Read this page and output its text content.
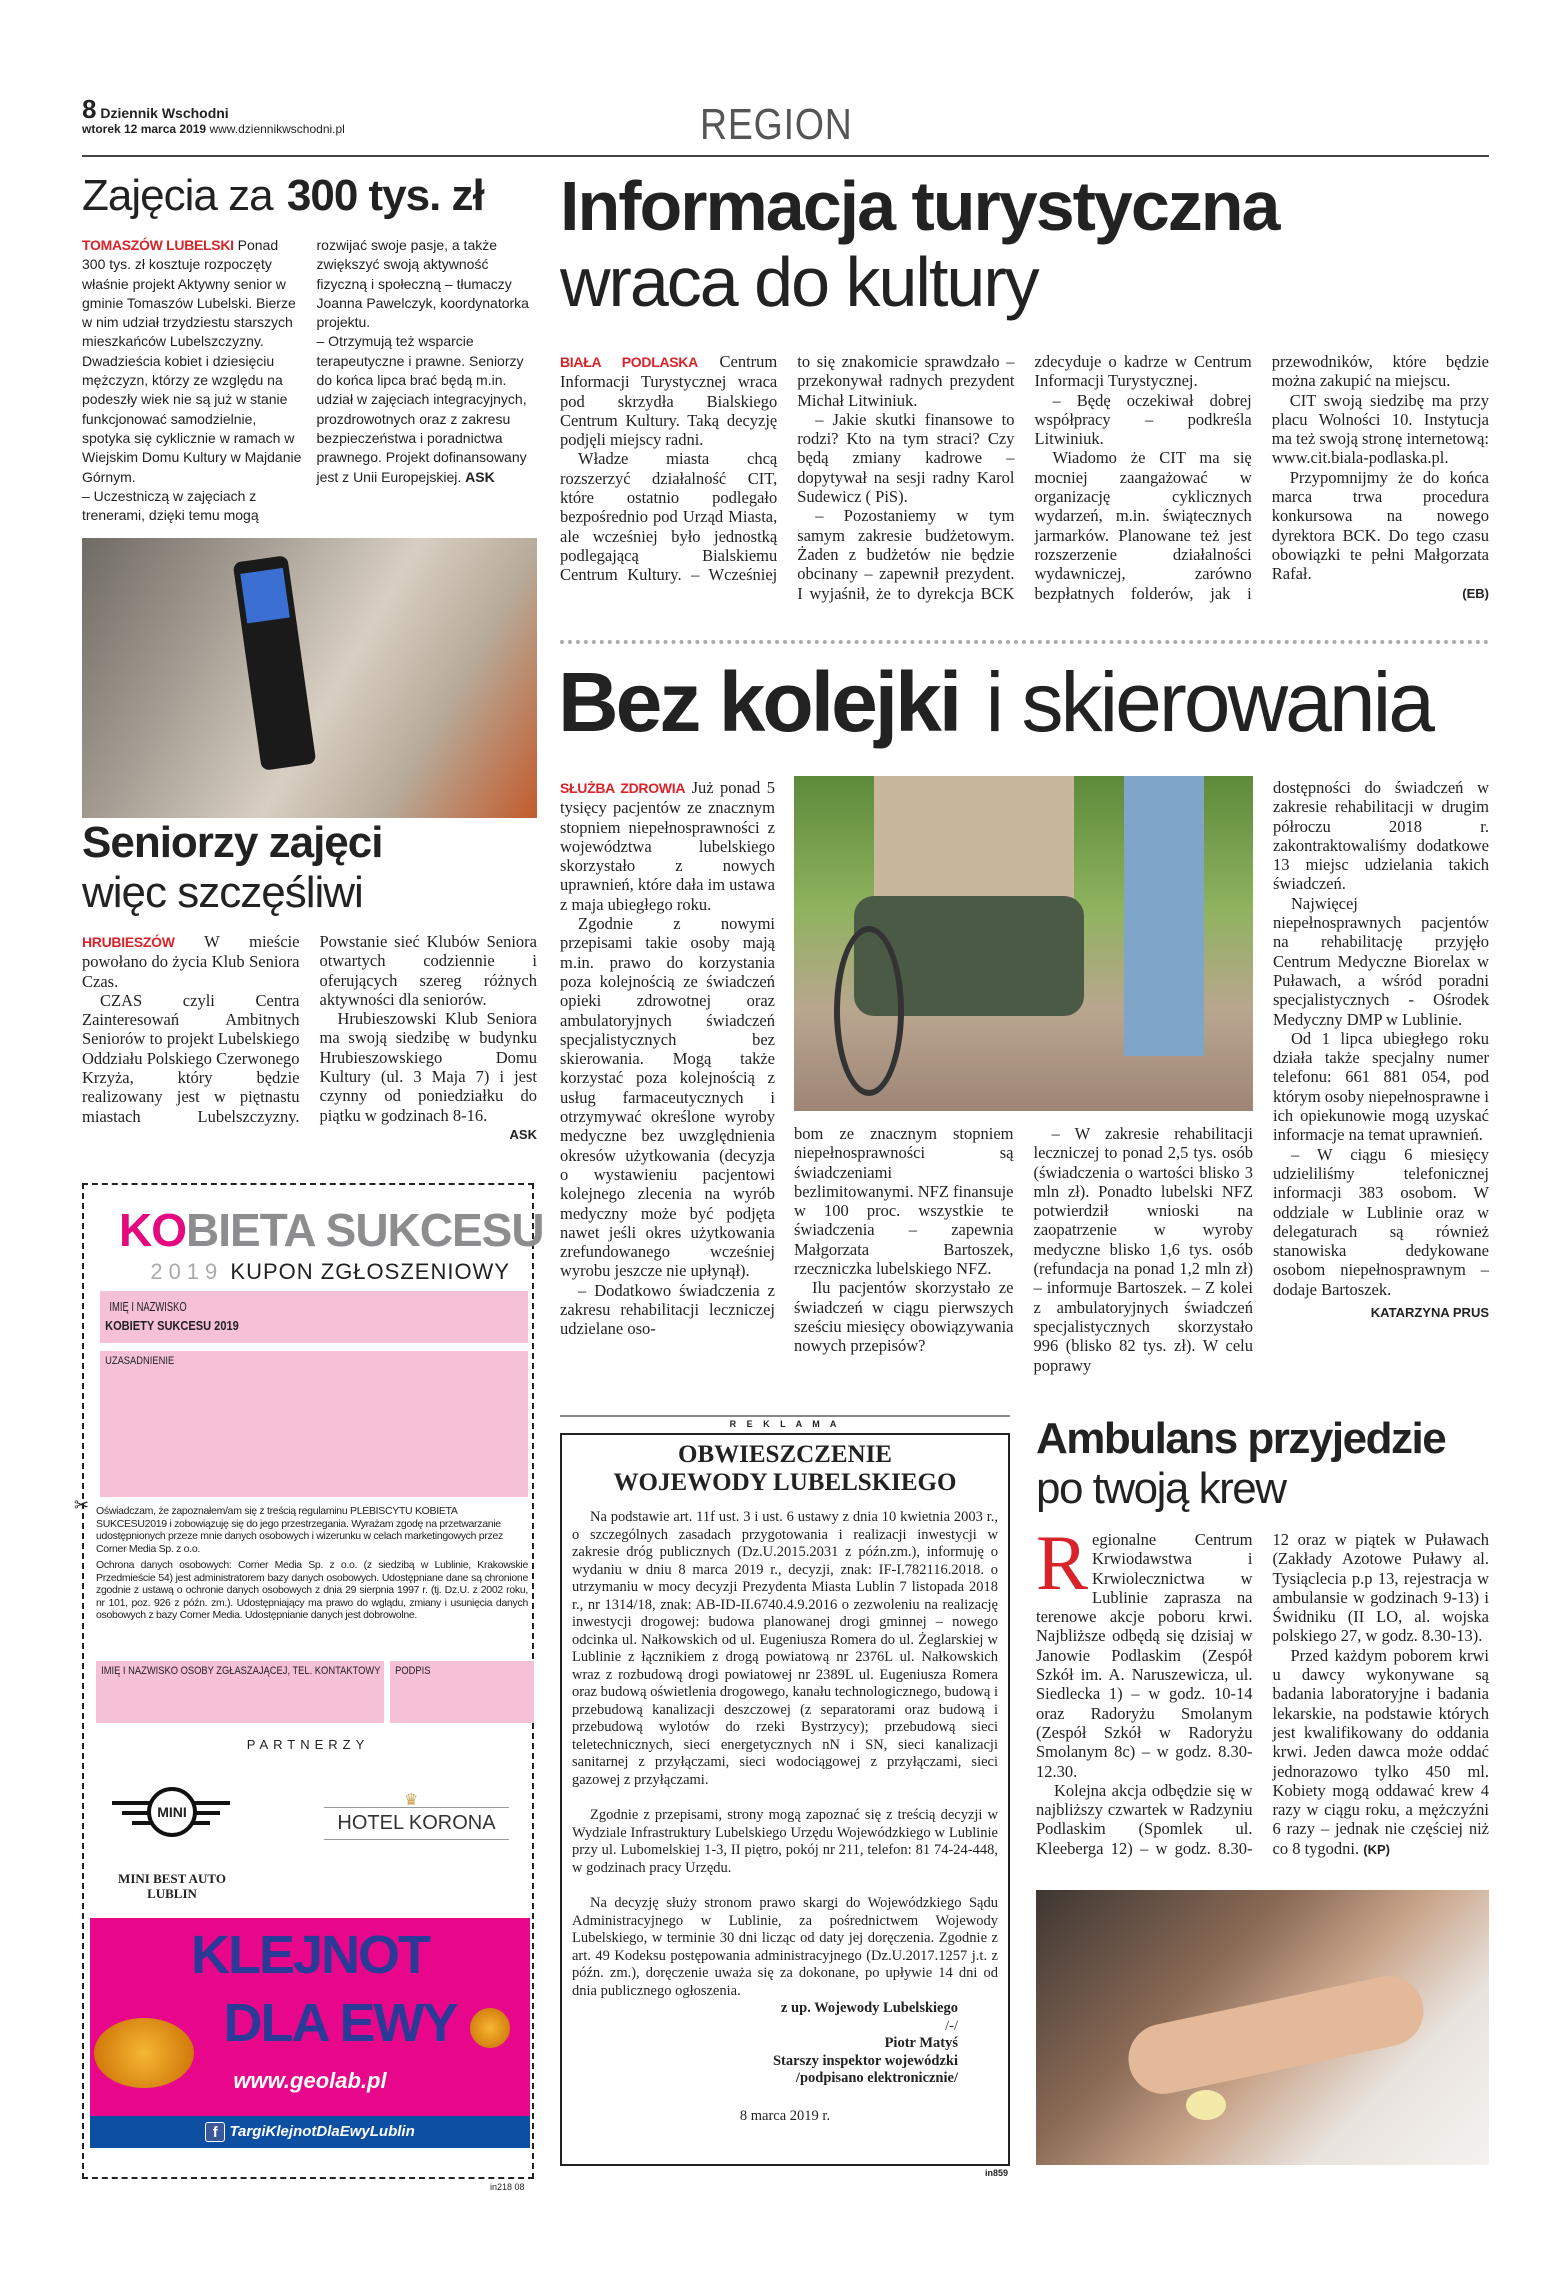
8 Dziennik Wschodni
wtorek 12 marca 2019 www.dziennikwschodni.pl	REGION
Zajęcia za 300 tys. zł

TOMASZÓW LUBELSKI Ponad 300 tys. zł kosztuje rozpoczęty właśnie projekt Aktywny senior w gminie Tomaszów Lubelski. Bierze w nim udział trzydziestu starszych mieszkańców Lubelszczyzny.

Dwadzieścia kobiet i dziesięciu mężczyzn, którzy ze względu na podeszły wiek nie są już w stanie funkcjonować samodzielnie, spotyka się cyklicznie w ramach w Wiejskim Domu Kultury w Majdanie Górnym.

– Uczestniczą w zajęciach z trenerami, dzięki temu mogą rozwijać swoje pasje, a także zwiększyć swoją aktywność fizyczną i społeczną – tłumaczy Joanna Pawelczyk, koordynatorka projektu.

– Otrzymują też wsparcie terapeutyczne i prawne. Seniorzy do końca lipca brać będą m.in. udział w zajęciach integracyjnych, prozdrowotnych oraz z zakresu bezpieczeństwa i poradnictwa prawnego. Projekt dofinansowany jest z Unii Europejskiej. ASK

Seniorzy zajęci
więc szczęśliwi

HRUBIESZÓW W mieście powołano do życia Klub Seniora Czas.

CZAS czyli Centra Zainteresowań Ambitnych Seniorów to projekt Lubelskiego Oddziału Polskiego Czerwonego Krzyża, który będzie realizowany jest w piętnastu miastach Lubelszczyzny. Powstanie sieć Klubów Seniora otwartych codziennie i oferujących szereg różnych aktywności dla seniorów.

Hrubieszowski Klub Seniora ma swoją siedzibę w budynku Hrubieszowskiego Domu Kultury (ul. 3 Maja 7) i jest czynny od poniedziałku do piątku w godzinach 8-16.

ASK
KOBIETA SUKCESU
2019 KUPON ZGŁOSZENIOWY
IMIĘ I NAZWISKO
KOBIETY SUKCESU 2019
UZASADNIENIE
✂ Oświadczam, że zapoznałem/am się z treścią regulaminu PLEBISCYTU KOBIETA SUKCESU2019 i zobowiązuję się do jego przestrzegania. Wyrażam zgodę na przetwarzanie udostępnionych przeze mnie danych osobowych i wizerunku w celach marketingowych przez Corner Media Sp. z o.o.

Ochrona danych osobowych: Corner Media Sp. z o.o. (z siedzibą w Lublinie, Krakowskie Przedmieście 54) jest administratorem bazy danych osobowych. Udostępniane dane są chronione zgodnie z ustawą o ochronie danych osobowych z dnia 29 sierpnia 1997 r. (tj. Dz.U. z 2002 roku, nr 101, poz. 926 z późn. zm.). Udostępniający ma prawo do wglądu, zmiany i usunięcia danych osobowych z bazy Corner Media. Udostępnianie danych jest dobrowolne.

IMIĘ I NAZWISKO OSOBY ZGŁASZAJĄCEJ, TEL. KONTAKTOWY	PODPIS
PARTNERZY
MINI
MINI BEST AUTO LUBLIN
♛
HOTEL KORONA
KLEJNOT
DLA EWY
www.geolab.pl
f TargiKlejnotDlaEwyLublin
in218 08
Informacja turystyczna
wraca do kultury

BIAŁA PODLASKA Centrum Informacji Turystycznej wraca pod skrzydła Bialskiego Centrum Kultury. Taką decyzję podjęli miejscy radni.

Władze miasta chcą rozszerzyć działalność CIT, które ostatnio podlegało bezpośrednio pod Urząd Miasta, ale wcześniej było jednostką podlegającą Bialskiemu Centrum Kultury. – Wcześniej to się znakomicie sprawdzało – przekonywał radnych prezydent Michał Litwiniuk.

– Jakie skutki finansowe to rodzi? Kto na tym straci? Czy będą zmiany kadrowe – dopytywał na sesji radny Karol Sudewicz ( PiS).

– Pozostaniemy w tym samym zakresie budżetowym. Żaden z budżetów nie będzie obcinany – zapewnił prezydent. I wyjaśnił, że to dyrekcja BCK zdecyduje o kadrze w Centrum Informacji Turystycznej.

– Będę oczekiwał dobrej współpracy – podkreśla Litwiniuk.

Wiadomo że CIT ma się mocniej zaangażować w organizację cyklicznych wydarzeń, m.in. świątecznych jarmarków. Planowane też jest rozszerzenie działalności wydawniczej, zarówno bezpłatnych folderów, jak i przewodników, które będzie można zakupić na miejscu.

CIT swoją siedzibę ma przy placu Wolności 10. Instytucja ma też swoją stronę internetową: www.cit.biala-podlaska.pl.

Przypomnijmy że do końca marca trwa procedura konkursowa na nowego dyrektora BCK. Do tego czasu obowiązki te pełni Małgorzata Rafał.

(EB)
Bez kolejki i skierowania

SŁUŻBA ZDROWIA Już ponad 5 tysięcy pacjentów ze znacznym stopniem niepełnosprawności z województwa lubelskiego skorzystało z nowych uprawnień, które dała im ustawa z maja ubiegłego roku.

Zgodnie z nowymi przepisami takie osoby mają m.in. prawo do korzystania poza kolejnością ze świadczeń opieki zdrowotnej oraz ambulatoryjnych świadczeń specjalistycznych bez skierowania. Mogą także korzystać poza kolejnością z usług farmaceutycznych i otrzymywać określone wyroby medyczne bez uwzględnienia okresów użytkowania (decyzja o wystawieniu pacjentowi kolejnego zlecenia na wyrób medyczny może być podjęta nawet jeśli okres użytkowania zrefundowanego wcześniej wyrobu jeszcze nie upłynął).

– Dodatkowo świadczenia z zakresu rehabilitacji leczniczej udzielane oso-

bom ze znacznym stopniem niepełnosprawności są świadczeniami bezlimitowanymi. NFZ finansuje w 100 proc. wszystkie te świadczenia – zapewnia Małgorzata Bartoszek, rzeczniczka lubelskiego NFZ.

Ilu pacjentów skorzystało ze świadczeń w ciągu pierwszych sześciu miesięcy obowiązywania nowych przepisów?

– W zakresie rehabilitacji leczniczej to ponad 2,5 tys. osób (świadczenia o wartości blisko 3 mln zł). Ponadto lubelski NFZ potwierdził wnioski na zaopatrzenie w wyroby medyczne blisko 1,6 tys. osób (refundacja na ponad 1,2 mln zł) – informuje Bartoszek. – Z kolei z ambulatoryjnych świadczeń specjalistycznych skorzystało 996 (blisko 82 tys. zł). W celu poprawy

dostępności do świadczeń w zakresie rehabilitacji w drugim półroczu 2018 r. zakontraktowaliśmy dodatkowe 13 miejsc udzielania takich świadczeń.

Najwięcej niepełnosprawnych pacjentów na rehabilitację przyjęło Centrum Medyczne Biorelax w Puławach, a wśród poradni specjalistycznych - Ośrodek Medyczny DMP w Lublinie.

Od 1 lipca ubiegłego roku działa także specjalny numer telefonu: 661 881 054, pod którym osoby niepełnosprawne i ich opiekunowie mogą uzyskać informacje na temat uprawnień.

– W ciągu 6 miesięcy udzieliliśmy telefonicznej informacji 383 osobom. W oddziale w Lublinie oraz w delegaturach są również stanowiska dedykowane osobom niepełnosprawnym – dodaje Bartoszek.

KATARZYNA PRUS
R E K L A M A
OBWIESZCZENIE
WOJEWODY LUBELSKIEGO

Na podstawie art. 11f ust. 3 i ust. 6 ustawy z dnia 10 kwietnia 2003 r., o szczególnych zasadach przygotowania i realizacji inwestycji w zakresie dróg publicznych (Dz.U.2015.2031 z późn.zm.), informuję o wydaniu w dniu 8 marca 2019 r., decyzji, znak: IF-I.782116.2018. o utrzymaniu w mocy decyzji Prezydenta Miasta Lublin 7 listopada 2018 r., nr 1314/18, znak: AB-ID-II.6740.4.9.2016 o zezwoleniu na realizację inwestycji drogowej: budowa planowanej drogi gminnej – nowego odcinka ul. Nałkowskich od ul. Eugeniusza Romera do ul. Żeglarskiej w Lublinie z łącznikiem z drogą powiatową nr 2376L ul. Nałkowskich wraz z rozbudową drogi powiatowej nr 2389L ul. Eugeniusza Romera oraz budową oświetlenia drogowego, kanału technologicznego, budową i przebudową kanalizacji deszczowej (z separatorami oraz budową i przebudową wylotów do rzeki Bystrzycy); przebudową sieci teletechnicznych, sieci energetycznych nN i SN, sieci kanalizacji sanitarnej z przyłączami, sieci wodociągowej z przyłączami, sieci gazowej z przyłączami.

Zgodnie z przepisami, strony mogą zapoznać się z treścią decyzji w Wydziale Infrastruktury Lubelskiego Urzędu Wojewódzkiego w Lublinie przy ul. Lubomelskiej 1-3, II piętro, pokój nr 211, telefon: 81 74-24-448, w godzinach pracy Urzędu.

Na decyzję służy stronom prawo skargi do Wojewódzkiego Sądu Administracyjnego w Lublinie, za pośrednictwem Wojewody Lubelskiego, w terminie 30 dni licząc od daty jej doręczenia. Zgodnie z art. 49 Kodeksu postępowania administracyjnego (Dz.U.2017.1257 j.t. z późn. zm.), doręczenie uważa się za dokonane, po upływie 14 dni od dnia publicznego ogłoszenia.

z up. Wojewody Lubelskiego
/-/
Piotr Matyś
Starszy inspektor wojewódzki
/podpisano elektronicznie/
8 marca 2019 r.
in859
Ambulans przyjedzie
po twoją krew

Regionalne Centrum Krwiodawstwa i Krwiolecznictwa w Lublinie zaprasza na terenowe akcje poboru krwi. Najbliższe odbędą się dzisiaj w Janowie Podlaskim (Zespół Szkół im. A. Naruszewicza, ul. Siedlecka 1) – w godz. 10-14 oraz Radoryżu Smolanym (Zespół Szkół w Radoryżu Smolanym 8c) – w godz. 8.30-12.30.

Kolejna akcja odbędzie się w najbliższy czwartek w Radzyniu Podlaskim (Spomlek ul. Kleeberga 12) – w godz. 8.30-12 oraz w piątek w Puławach (Zakłady Azotowe Puławy al. Tysiąclecia p.p 13, rejestracja w ambulansie w godzinach 9-13) i Świdniku (II LO, al. wojska polskiego 27, w godz. 8.30-13).

Przed każdym poborem krwi u dawcy wykonywane są badania laboratoryjne i badania lekarskie, na podstawie których jest kwalifikowany do oddania krwi. Jeden dawca może oddać jednorazowo tylko 450 ml. Kobiety mogą oddawać krew 4 razy w ciągu roku, a mężczyźni 6 razy – jednak nie częściej niż co 8 tygodni. (KP)
